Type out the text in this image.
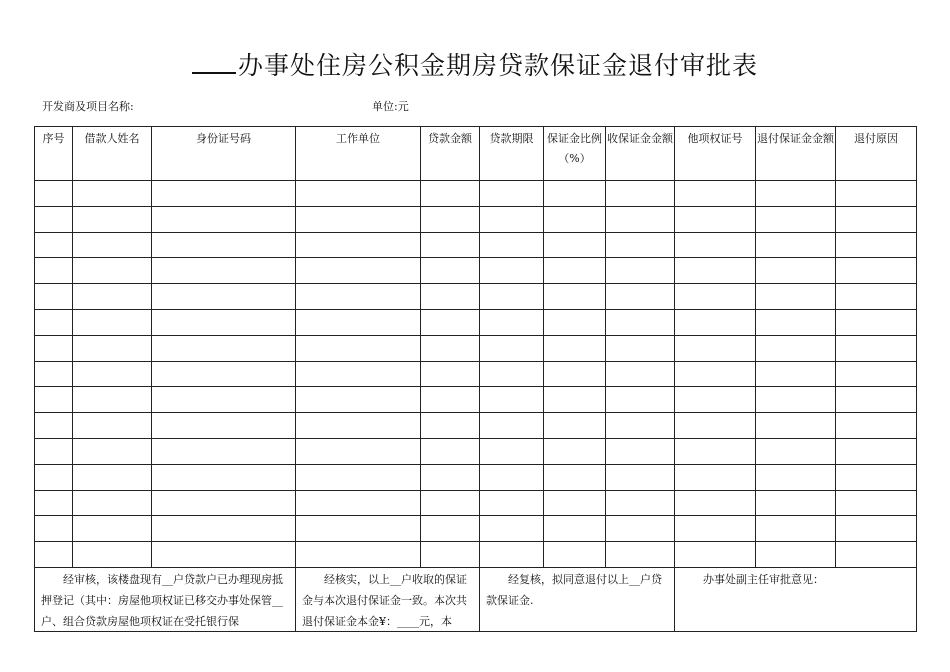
办事处住房公积金期房贷款保证金退付审批表
开发商及项目名称:	单位:元
序号	借款人姓名	身份证号码	工作单位	贷款金额	贷款期限	保证金比例（%）	收保证金金额	他项权证号	退付保证金金额	退付原因

经审核，该楼盘现有__户贷款户已办理现房抵押登记（其中：房屋他项权证已移交办事处保管__户、组合贷款房屋他项权证在受托银行保			经核实，以上__户收取的保证金与本次退付保证金一致。本次共退付保证金本金¥：____元，本		经复核，拟同意退付以上__户贷款保证金.			办事处副主任审批意见：		
